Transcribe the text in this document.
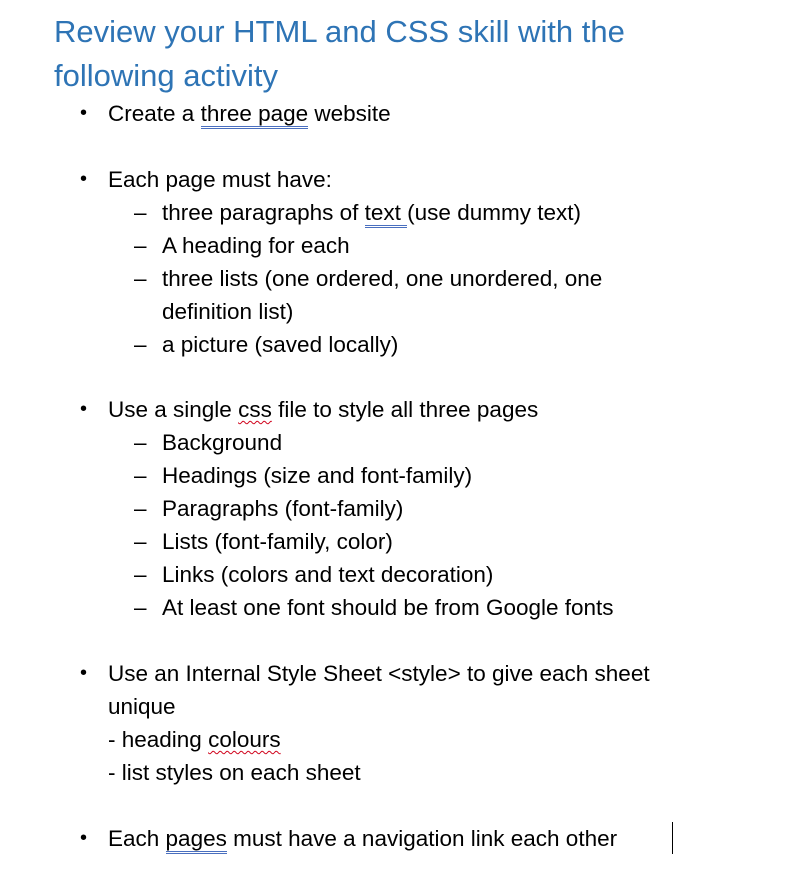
Review your HTML and CSS skill with the following activity
• Create a three page website
• Each page must have:
– three paragraphs of text (use dummy text)
– A heading for each
– three lists (one ordered, one unordered, one
definition list)
– a picture (saved locally)
• Use a single css file to style all three pages
– Background
– Headings (size and font-family)
– Paragraphs (font-family)
– Lists (font-family, color)
– Links (colors and text decoration)
– At least one font should be from Google fonts
• Use an Internal Style Sheet <style> to give each sheet
unique
- heading colours
- list styles on each sheet
• Each pages must have a navigation link each other
